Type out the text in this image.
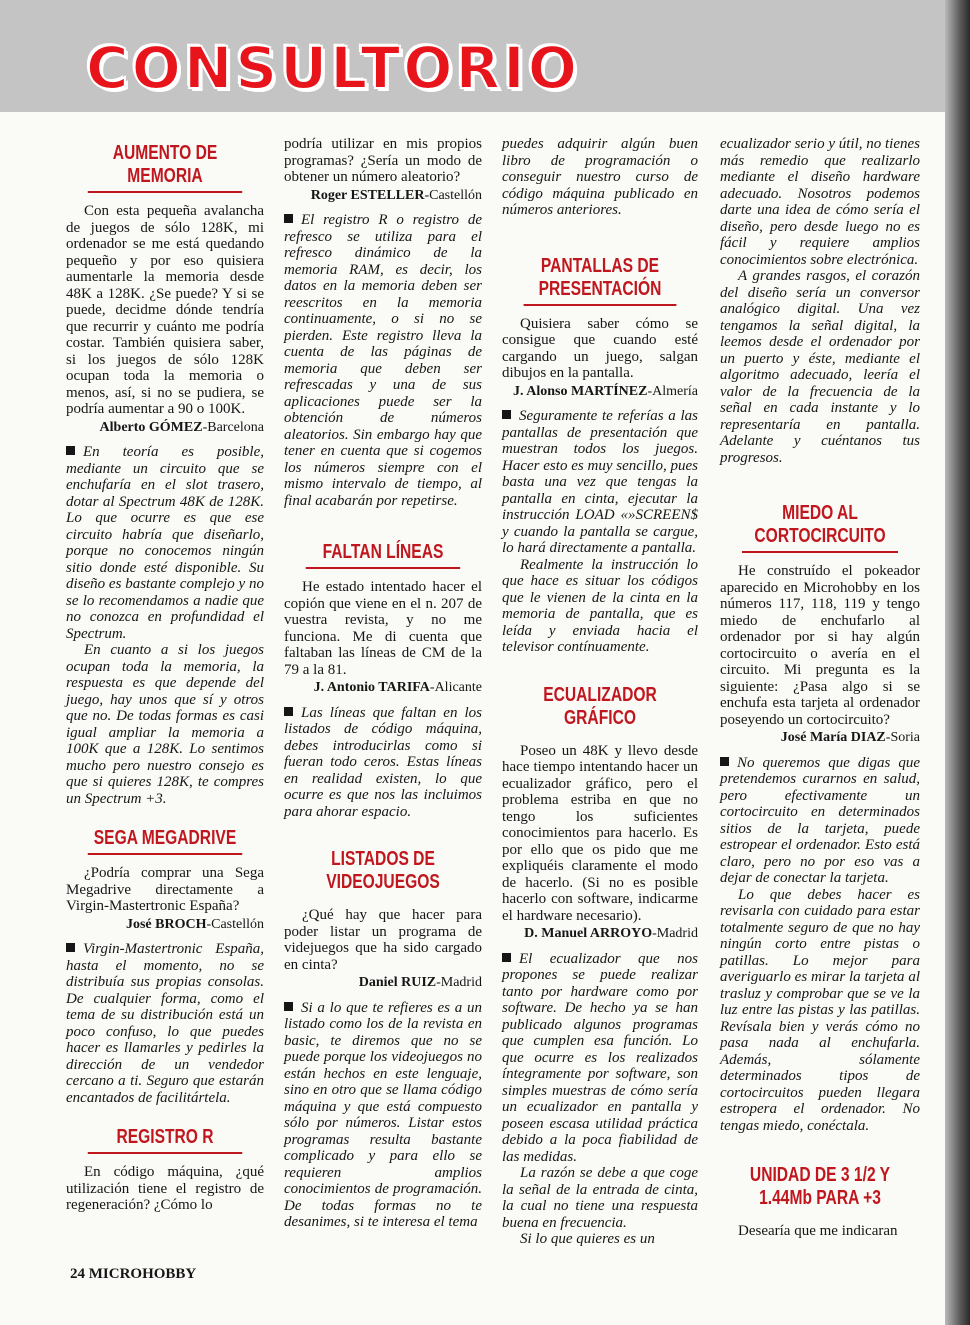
CONSULTORIO
AUMENTO DE MEMORIA

Con esta pequeña avalancha de juegos de sólo 128K, mi ordenador se me está quedando pequeño y por eso quisiera aumentarle la memoria desde 48K a 128K. ¿Se puede? Y si se puede, decidme dónde tendría que recurrir y cuánto me podría costar. También quisiera saber, si los juegos de sólo 128K ocupan toda la memoria o menos, así, si no se pudiera, se podría aumentar a 90 o 100K.

Alberto GÓMEZ-Barcelona

En teoría es posible, mediante un circuito que se enchufaría en el slot trasero, dotar al Spectrum 48K de 128K. Lo que ocurre es que ese circuito habría que diseñarlo, porque no conocemos ningún sitio donde esté disponible. Su diseño es bastante complejo y no se lo recomendamos a nadie que no conozca en profundidad el Spectrum.

En cuanto a si los juegos ocupan toda la memoria, la respuesta es que depende del juego, hay unos que sí y otros que no. De todas formas es casi igual ampliar la memoria a 100K que a 128K. Lo sentimos mucho pero nuestro consejo es que si quieres 128K, te compres un Spectrum +3.

SEGA MEGADRIVE

¿Podría comprar una Sega Megadrive directamente a Virgin-Mastertronic España?

José BROCH-Castellón

Virgin-Mastertronic España, hasta el momento, no se distribuía sus propias consolas. De cualquier forma, como el tema de su distribución está un poco confuso, lo que puedes hacer es llamarles y pedirles la dirección de un vendedor cercano a ti. Seguro que estarán encantados de facilitártela.

REGISTRO R

En código máquina, ¿qué utilización tiene el registro de regeneración? ¿Cómo lo

podría utilizar en mis propios programas? ¿Sería un modo de obtener un número aleatorio?

Roger ESTELLER-Castellón

El registro R o registro de refresco se utiliza para el refresco dinámico de la memoria RAM, es decir, los datos en la memoria deben ser reescritos en la memoria continuamente, o si no se pierden. Este registro lleva la cuenta de las páginas de memoria que deben ser refrescadas y una de sus aplicaciones puede ser la obtención de números aleatorios. Sin embargo hay que tener en cuenta que si cogemos los números siempre con el mismo intervalo de tiempo, al final acabarán por repetirse.

FALTAN LÍNEAS

He estado intentado hacer el copión que viene en el n. 207 de vuestra revista, y no me funciona. Me di cuenta que faltaban las líneas de CM de la 79 a la 81.

J. Antonio TARIFA-Alicante

Las líneas que faltan en los listados de código máquina, debes introducirlas como si fueran todo ceros. Estas líneas en realidad existen, lo que ocurre es que nos las incluimos para ahorar espacio.

LISTADOS DE VIDEOJUEGOS

¿Qué hay que hacer para poder listar un programa de videjuegos que ha sido cargado en cinta?

Daniel RUIZ-Madrid

Si a lo que te refieres es a un listado como los de la revista en basic, te diremos que no se puede porque los videojuegos no están hechos en este lenguaje, sino en otro que se llama código máquina y que está compuesto sólo por números. Listar estos programas resulta bastante complicado y para ello se requieren amplios conocimientos de programación. De todas formas no te desanimes, si te interesa el tema

puedes adquirir algún buen libro de programación o conseguir nuestro curso de código máquina publicado en números anteriores.

PANTALLAS DE PRESENTACIÓN

Quisiera saber cómo se consigue que cuando esté cargando un juego, salgan dibujos en la pantalla.

J. Alonso MARTÍNEZ-Almería

Seguramente te referías a las pantallas de presentación que muestran todos los juegos. Hacer esto es muy sencillo, pues basta una vez que tengas la pantalla en cinta, ejecutar la instrucción LOAD «»SCREEN$ y cuando la pantalla se cargue, lo hará directamente a pantalla.

Realmente la instrucción lo que hace es situar los códigos que le vienen de la cinta en la memoria de pantalla, que es leída y enviada hacia el televisor contínuamente.

ECUALIZADOR GRÁFICO

Poseo un 48K y llevo desde hace tiempo intentando hacer un ecualizador gráfico, pero el problema estriba en que no tengo los suficientes conocimientos para hacerlo. Es por ello que os pido que me expliquéis claramente el modo de hacerlo. (Si no es posible hacerlo con software, indicarme el hardware necesario).

D. Manuel ARROYO-Madrid

El ecualizador que nos propones se puede realizar tanto por hardware como por software. De hecho ya se han publicado algunos programas que cumplen esa función. Lo que ocurre es los realizados íntegramente por software, son simples muestras de cómo sería un ecualizador en pantalla y poseen escasa utilidad práctica debido a la poca fiabilidad de las medidas.

La razón se debe a que coge la señal de la entrada de cinta, la cual no tiene una respuesta buena en frecuencia.

Si lo que quieres es un

ecualizador serio y útil, no tienes más remedio que realizarlo mediante el diseño hardware adecuado. Nosotros podemos darte una idea de cómo sería el diseño, pero desde luego no es fácil y requiere amplios conocimientos sobre electrónica.

A grandes rasgos, el corazón del diseño sería un conversor analógico digital. Una vez tengamos la señal digital, la leemos desde el ordenador por un puerto y éste, mediante el algoritmo adecuado, leería el valor de la frecuencia de la señal en cada instante y lo representaría en pantalla. Adelante y cuéntanos tus progresos.

MIEDO AL CORTOCIRCUITO

He construído el pokeador aparecido en Microhobby en los números 117, 118, 119 y tengo miedo de enchufarlo al ordenador por si hay algún cortocircuito o avería en el circuito. Mi pregunta es la siguiente: ¿Pasa algo si se enchufa esta tarjeta al ordenador poseyendo un cortocircuito?

José María DIAZ-Soria

No queremos que digas que pretendemos curarnos en salud, pero efectivamente un cortocircuito en determinados sitios de la tarjeta, puede estropear el ordenador. Esto está claro, pero no por eso vas a dejar de conectar la tarjeta.

Lo que debes hacer es revisarla con cuidado para estar totalmente seguro de que no hay ningún corto entre pistas o patillas. Lo mejor para averiguarlo es mirar la tarjeta al trasluz y comprobar que se ve la luz entre las pistas y las patillas. Revísala bien y verás cómo no pasa nada al enchufarla. Además, sólamente determinados tipos de cortocircuitos pueden llegara estropera el ordenador. No tengas miedo, conéctala.

UNIDAD DE 3 1/2 Y 1.44Mb PARA +3

Desearía que me indicaran

24 MICROHOBBY
